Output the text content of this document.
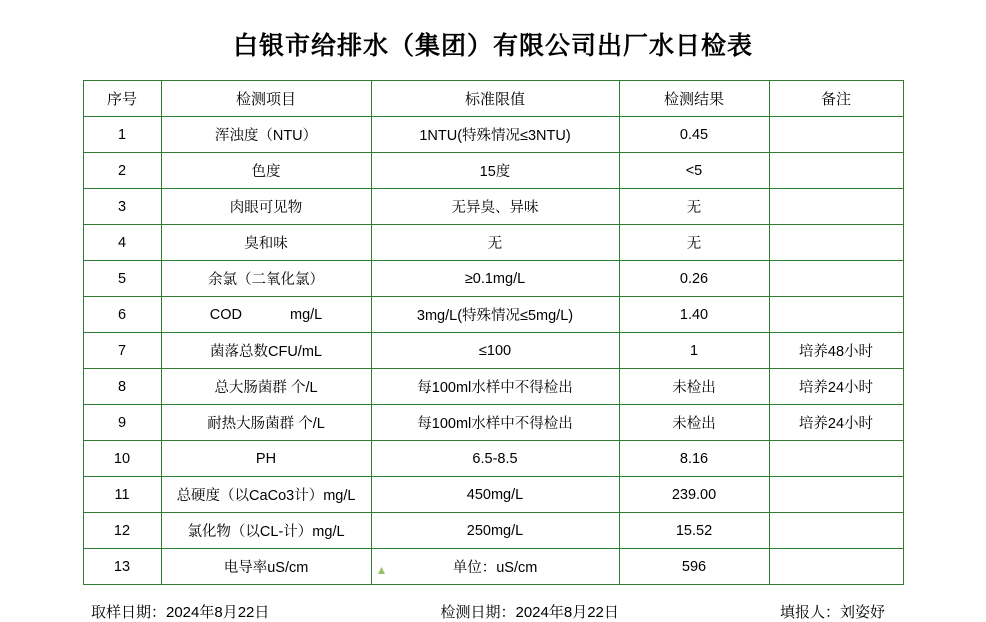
白银市给排水（集团）有限公司出厂水日检表
序号	检测项目	标准限值	检测结果	备注
1	浑浊度（NTU）	1NTU(特殊情况≤3NTU)	0.45	
2	色度	15度	<5	
3	肉眼可见物	无异臭、异味	无	
4	臭和味	无	无	
5	余氯（二氧化氯）	≥0.1mg/L	0.26	
6	COD mg/L	3mg/L(特殊情况≤5mg/L)	1.40	
7	菌落总数CFU/mL	≤100	1	培养48小时
8	总大肠菌群 个/L	每100ml水样中不得检出	未检出	培养24小时
9	耐热大肠菌群 个/L	每100ml水样中不得检出	未检出	培养24小时
10	PH	6.5-8.5	8.16	
11	总硬度（以CaCo3计）mg/L	450mg/L	239.00	
12	氯化物（以CL-计）mg/L	250mg/L	15.52	
13	电导率uS/cm	单位：uS/cm	596	
取样日期：2024年8月22日	检测日期：2024年8月22日	填报人：刘姿妤
